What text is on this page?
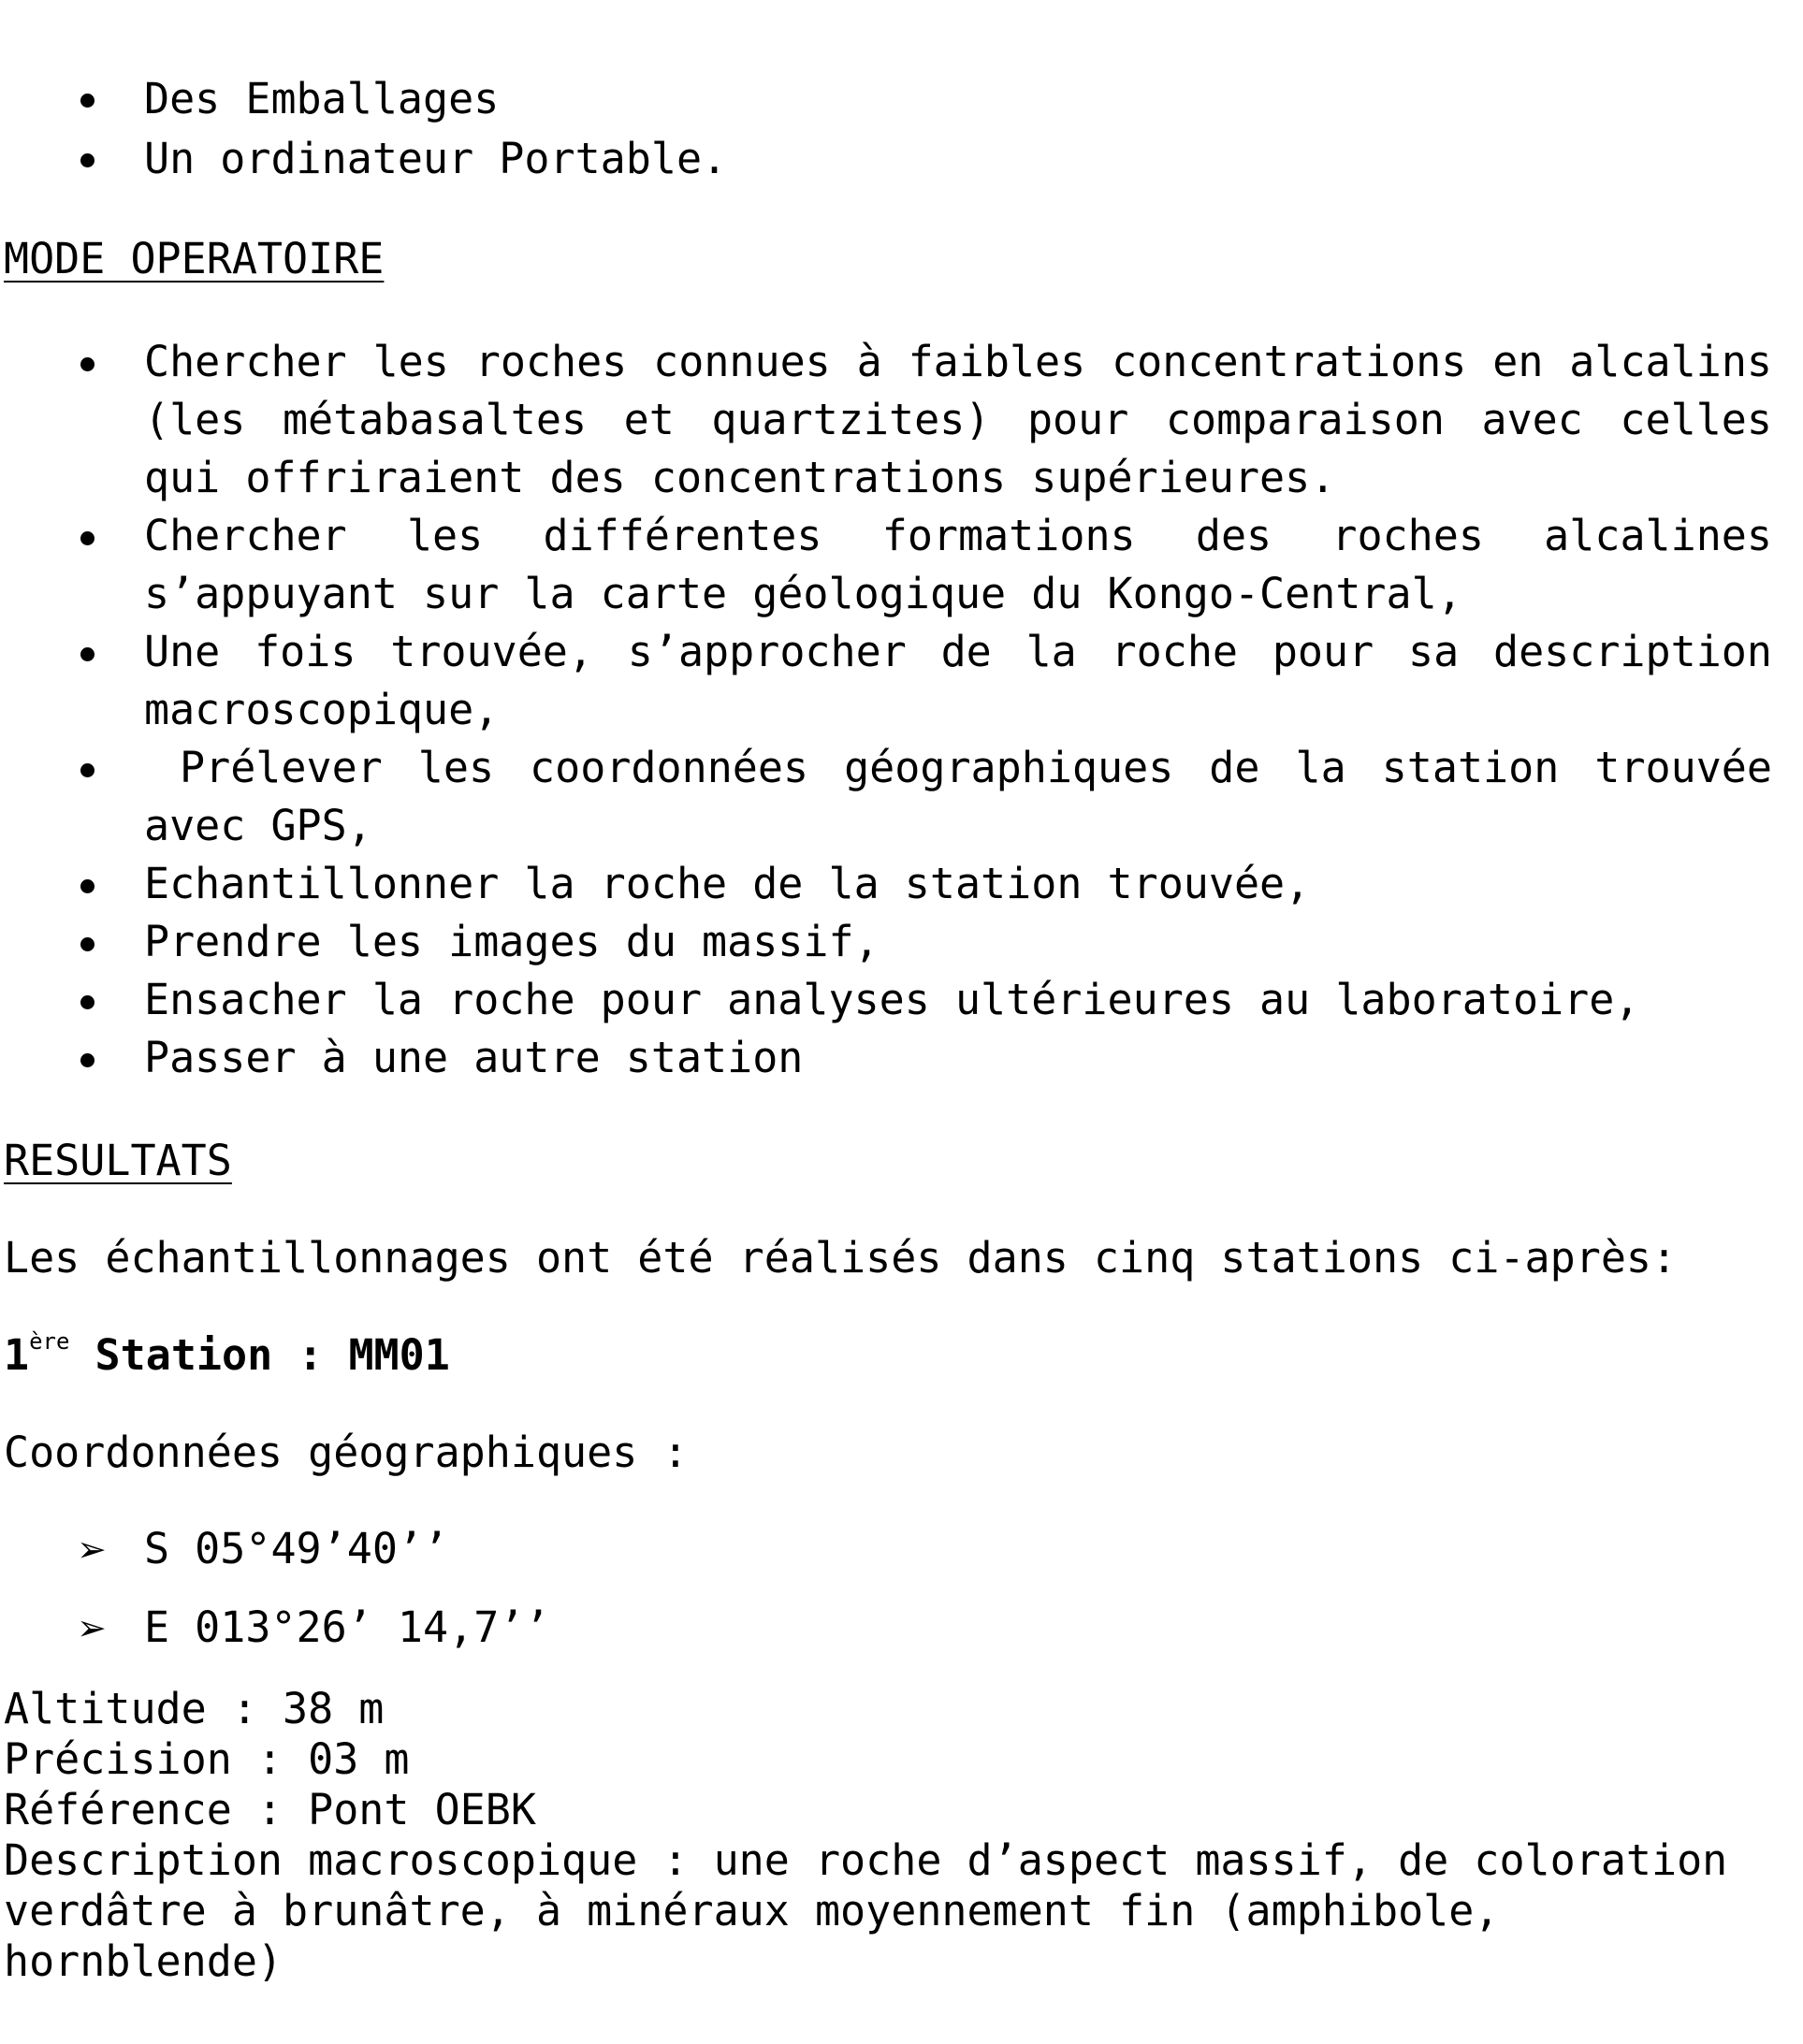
Des Emballages
Un ordinateur Portable.
MODE OPERATOIRE
Chercher les roches connues à faibles concentrations en alcalins (les métabasaltes et quartzites) pour comparaison avec celles qui offriraient des concentrations supérieures.
Chercher les différentes formations des roches alcalines s’appuyant sur la carte géologique du Kongo-Central,
Une fois trouvée, s’approcher de la roche pour sa description macroscopique,
Prélever les coordonnées géographiques de la station trouvée avec GPS,
Echantillonner la roche de la station trouvée,
Prendre les images du massif,
Ensacher la roche pour analyses ultérieures au laboratoire,
Passer à une autre station
RESULTATS
Les échantillonnages ont été réalisés dans cinq stations ci-après:
1ère Station : MM01
Coordonnées géographiques :
➢ S 05°49’40’’
➢ E 013°26’ 14,7’’
Altitude : 38 m
Précision : 03 m
Référence : Pont OEBK
Description macroscopique : une roche d’aspect massif, de coloration verdâtre à brunâtre, à minéraux moyennement fin (amphibole, hornblende)
